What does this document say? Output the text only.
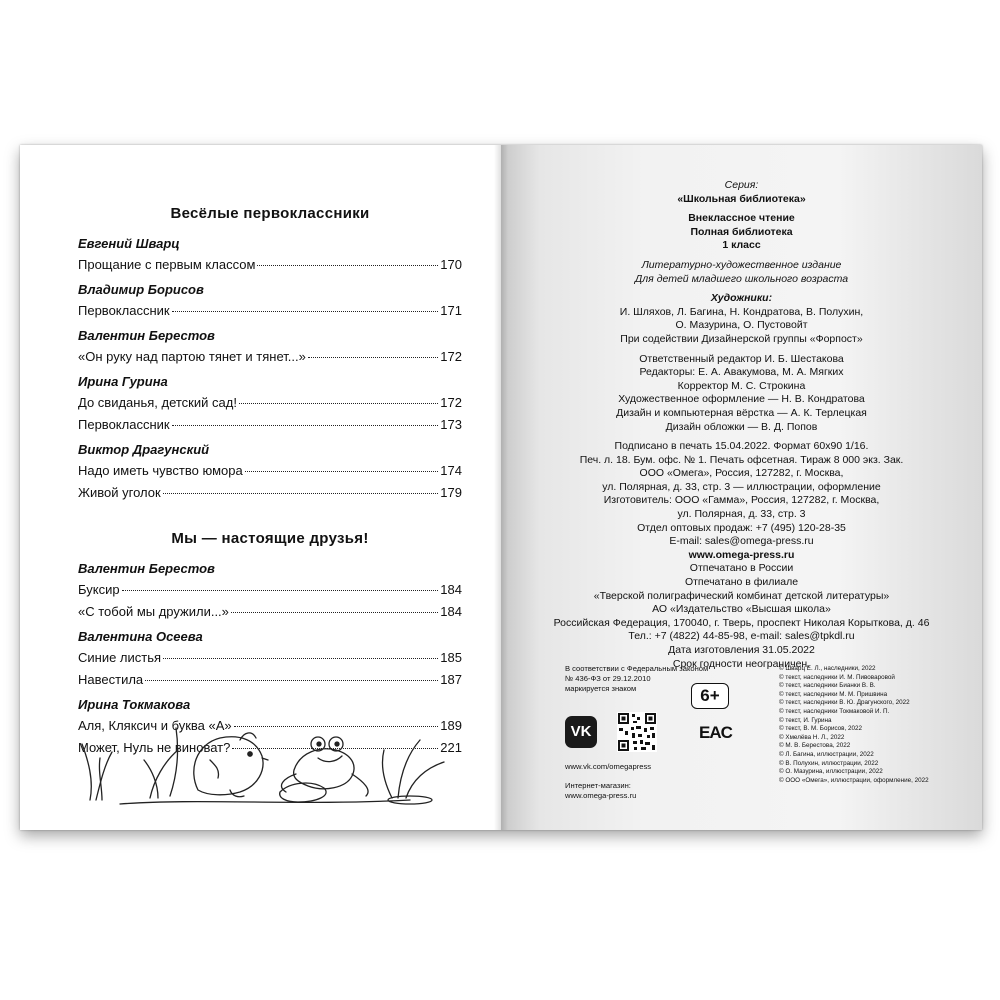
Весёлые первоклассники
Евгений Шварц
Прощание с первым классом	170
Владимир Борисов
Первоклассник	171
Валентин Берестов
«Он руку над партою тянет и тянет...»	172
Ирина Гурина
До свиданья, детский сад!	172
Первоклассник	173
Виктор Драгунский
Надо иметь чувство юмора	174
Живой уголок	179
Мы — настоящие друзья!
Валентин Берестов
Буксир	184
«С тобой мы дружили...»	184
Валентина Осеева
Синие листья	185
Навестила	187
Ирина Токмакова
Аля, Кляксич и буква «А»	189
Может, Нуль не виноват?	221
Серия:
«Школьная библиотека»
Внеклассное чтение
Полная библиотека
1 класс
Литературно-художественное издание
Для детей младшего школьного возраста
Художники:
И. Шляхов, Л. Багина, Н. Кондратова, В. Полухин,
О. Мазурина, О. Пустовойт
При содействии Дизайнерской группы «Форпост»
Ответственный редактор И. Б. Шестакова
Редакторы: Е. А. Авакумова, М. А. Мягких
Корректор М. С. Строкина
Художественное оформление — Н. В. Кондратова
Дизайн и компьютерная вёрстка — А. К. Терлецкая
Дизайн обложки — В. Д. Попов
Подписано в печать 15.04.2022. Формат 60х90 1/16.
Печ. л. 18. Бум. офс. № 1. Печать офсетная. Тираж 8 000 экз. Зак.
ООО «Омега», Россия, 127282, г. Москва,
ул. Полярная, д. 33, стр. 3 — иллюстрации, оформление
Изготовитель: ООО «Гамма», Россия, 127282, г. Москва,
ул. Полярная, д. 33, стр. 3
Отдел оптовых продаж: +7 (495) 120-28-35
E-mail: sales@omega-press.ru
www.omega-press.ru
Отпечатано в России
Отпечатано в филиале
«Тверской полиграфический комбинат детской литературы»
АО «Издательство «Высшая школа»
Российская Федерация, 170040, г. Тверь, проспект Николая Корыткова, д. 46
Тел.: +7 (4822) 44-85-98, e-mail: sales@tpkdl.ru
Дата изготовления 31.05.2022
Срок годности неограничен.
В соответствии с Федеральным законом
№ 436-ФЗ от 29.12.2010
маркируется знаком	6+
VK	EAC
www.vk.com/omegapress
Интернет-магазин:
www.omega-press.ru
© Шварц Е. Л., наследники, 2022
© текст, наследники И. М. Пивоваровой
© текст, наследники Бианки В. В.
© текст, наследники М. М. Пришвина
© текст, наследники В. Ю. Драгунского, 2022
© текст, наследники Токмаковой И. П.
© текст, И. Гурина
© текст, В. М. Борисов, 2022
© Хмелёва Н. Л., 2022
© М. В. Берестова, 2022
© Л. Багина, иллюстрации, 2022
© В. Полухин, иллюстрации, 2022
© О. Мазурина, иллюстрации, 2022
© ООО «Омега», иллюстрации, оформление, 2022
